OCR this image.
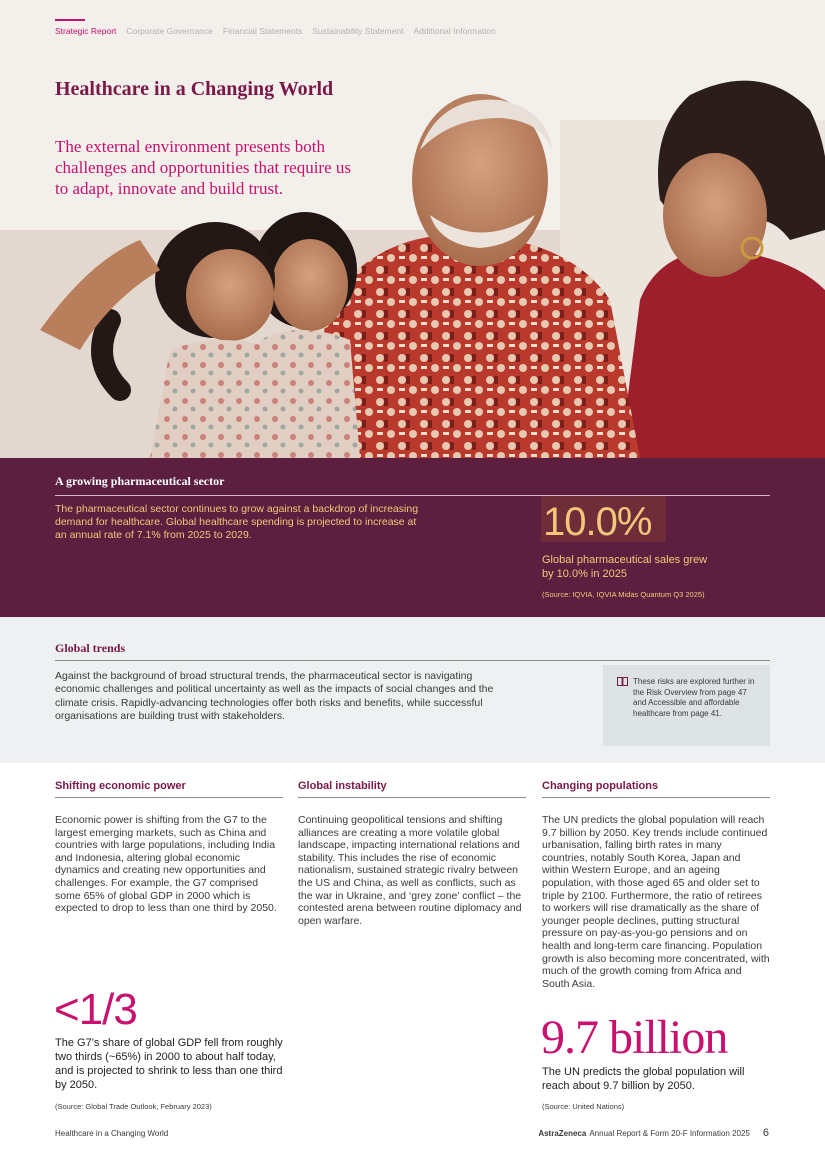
Strategic Report Corporate Governance Financial Statements Sustainability Statement Additional Information
Healthcare in a Changing World

The external environment presents both challenges and opportunities that require us to adapt, innovate and build trust.

A growing pharmaceutical sector

The pharmaceutical sector continues to grow against a backdrop of increasing demand for healthcare. Global healthcare spending is projected to increase at an annual rate of 7.1% from 2025 to 2029.	10.0%

Global pharmaceutical sales grew by 10.0% in 2025

(Source: IQVIA, IQVIA Midas Quantum Q3 2025)

Global trends

Against the background of broad structural trends, the pharmaceutical sector is navigating economic challenges and political uncertainty as well as the impacts of social changes and the climate crisis. Rapidly-advancing technologies offer both risks and benefits, while successful organisations are building trust with stakeholders.

These risks are explored further in the Risk Overview from page 47 and Accessible and affordable healthcare from page 41.

Shifting economic power

Economic power is shifting from the G7 to the largest emerging markets, such as China and countries with large populations, including India and Indonesia, altering global economic dynamics and creating new opportunities and challenges. For example, the G7 comprised some 65% of global GDP in 2000 which is expected to drop to less than one third by 2050.

Global instability

Continuing geopolitical tensions and shifting alliances are creating a more volatile global landscape, impacting international relations and stability. This includes the rise of economic nationalism, sustained strategic rivalry between the US and China, as well as conflicts, such as the war in Ukraine, and ‘grey zone’ conflict – the contested arena between routine diplomacy and open warfare.

Changing populations

The UN predicts the global population will reach 9.7 billion by 2050. Key trends include continued urbanisation, falling birth rates in many countries, notably South Korea, Japan and within Western Europe, and an ageing population, with those aged 65 and older set to triple by 2100. Furthermore, the ratio of retirees to workers will rise dramatically as the share of younger people declines, putting structural pressure on pay-as-you-go pensions and on health and long-term care financing. Population growth is also becoming more concentrated, with much of the growth coming from Africa and South Asia.

<1/3

The G7’s share of global GDP fell from roughly two thirds (~65%) in 2000 to about half today, and is projected to shrink to less than one third by 2050.

(Source: Global Trade Outlook, February 2023)

9.7 billion

The UN predicts the global population will reach about 9.7 billion by 2050.

(Source: United Nations)

Healthcare in a Changing World	AstraZeneca Annual Report & Form 20-F Information 2025 6
